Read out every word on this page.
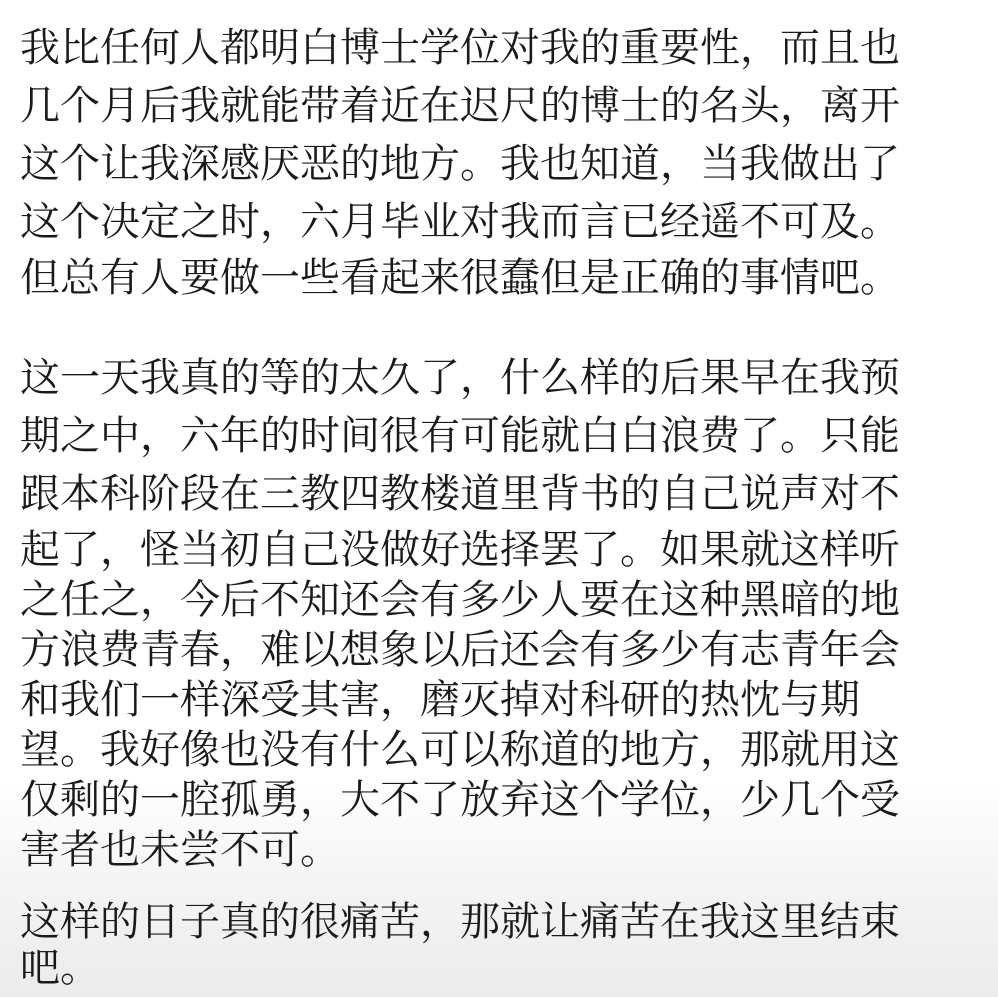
我比任何人都明白博士学位对我的重要性，而且也
几个月后我就能带着近在迟尺的博士的名头，离开
这个让我深感厌恶的地方。我也知道，当我做出了
这个决定之时，六月毕业对我而言已经遥不可及。
但总有人要做一些看起来很蠢但是正确的事情吧。
这一天我真的等的太久了，什么样的后果早在我预
期之中，六年的时间很有可能就白白浪费了。只能
跟本科阶段在三教四教楼道里背书的自己说声对不
起了，怪当初自己没做好选择罢了。如果就这样听
之任之，今后不知还会有多少人要在这种黑暗的地
方浪费青春，难以想象以后还会有多少有志青年会
和我们一样深受其害，磨灭掉对科研的热忱与期
望。我好像也没有什么可以称道的地方，那就用这
仅剩的一腔孤勇，大不了放弃这个学位，少几个受
害者也未尝不可。
这样的日子真的很痛苦，那就让痛苦在我这里结束
吧。
